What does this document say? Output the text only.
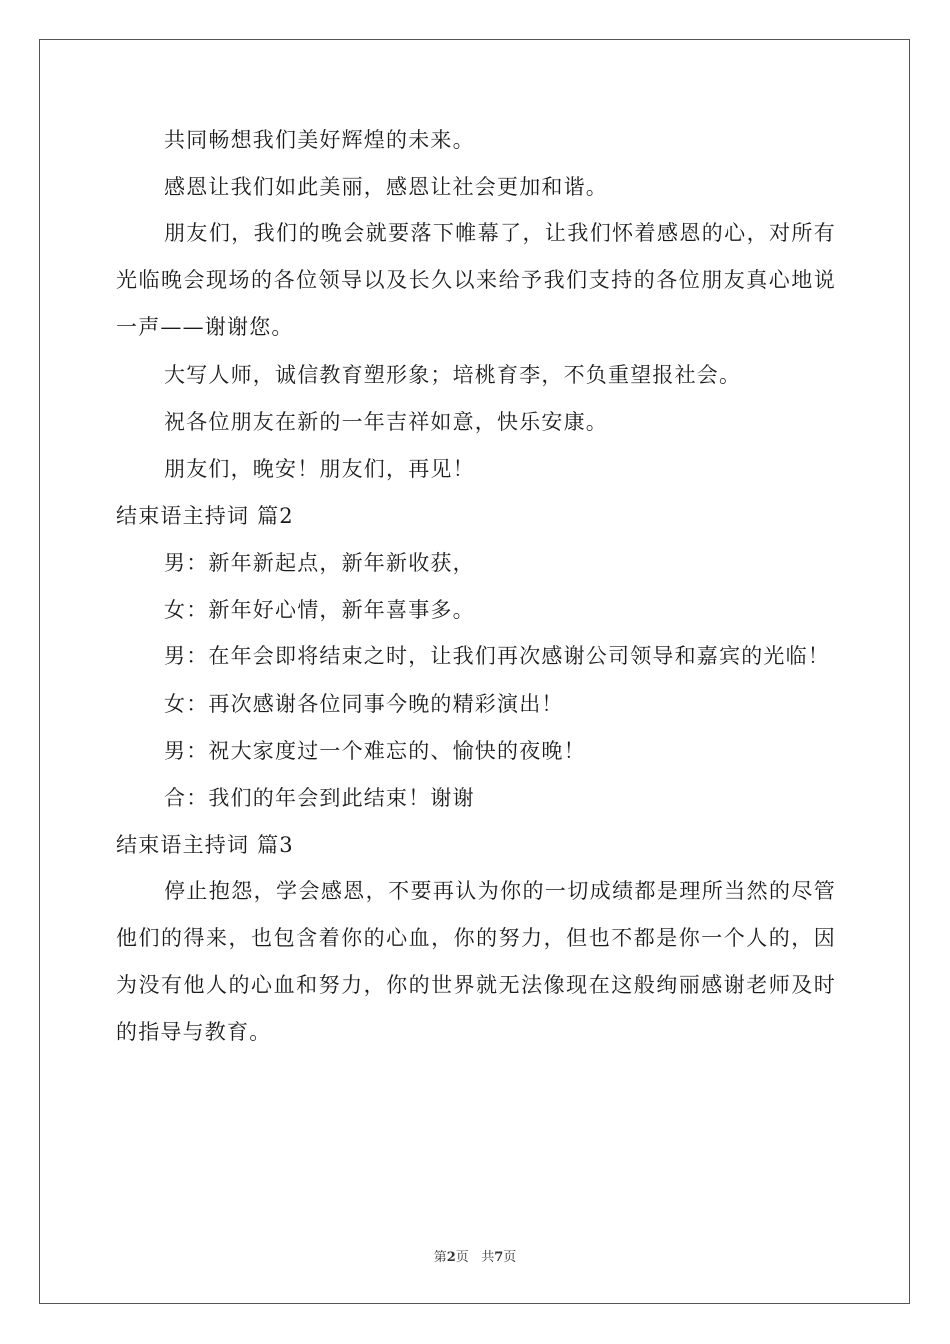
共同畅想我们美好辉煌的未来。

感恩让我们如此美丽，感恩让社会更加和谐。

朋友们，我们的晚会就要落下帷幕了，让我们怀着感恩的心，对所有光临晚会现场的各位领导以及长久以来给予我们支持的各位朋友真心地说一声——谢谢您。

大写人师，诚信教育塑形象；培桃育李，不负重望报社会。

祝各位朋友在新的一年吉祥如意，快乐安康。

朋友们，晚安！朋友们，再见！

结束语主持词 篇2

男：新年新起点，新年新收获，

女：新年好心情，新年喜事多。

男：在年会即将结束之时，让我们再次感谢公司领导和嘉宾的光临！

女：再次感谢各位同事今晚的精彩演出！

男：祝大家度过一个难忘的、愉快的夜晚！

合：我们的年会到此结束！谢谢

结束语主持词 篇3

停止抱怨，学会感恩，不要再认为你的一切成绩都是理所当然的尽管他们的得来，也包含着你的心血，你的努力，但也不都是你一个人的，因为没有他人的心血和努力，你的世界就无法像现在这般绚丽感谢老师及时的指导与教育。

第2页   共7页
